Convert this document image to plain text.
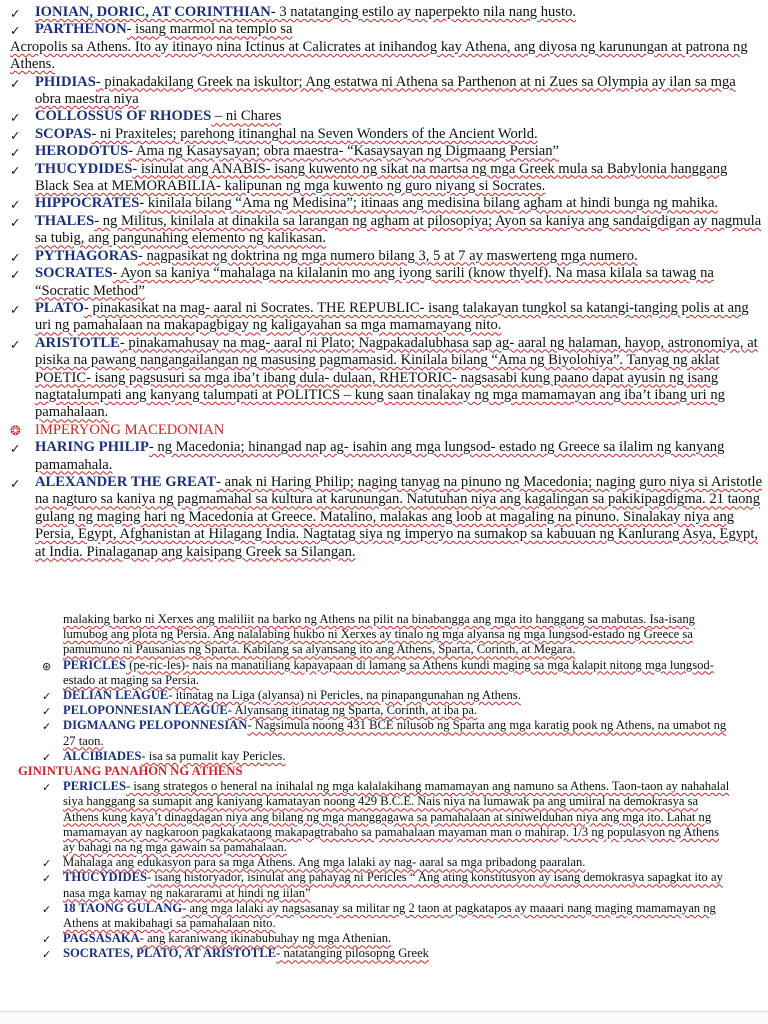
✓ IONIAN, DORIC, AT CORINTHIAN- 3 natatanging estilo ay naperpekto nila nang husto.
✓ PARTHENON- isang marmol na templo sa
Acropolis sa Athens. Ito ay itinayo nina Ictinus at Calicrates at inihandog kay Athena, ang diyosa ng karunungan at patrona ng Athens.
✓ PHIDIAS- pinakadakilang Greek na iskultor; Ang estatwa ni Athena sa Parthenon at ni Zues sa Olympia ay ilan sa mga obra maestra niya
✓ COLLOSSUS OF RHODES – ni Chares
✓ SCOPAS- ni Praxiteles; parehong itinanghal na Seven Wonders of the Ancient World.
✓ HERODOTUS- Ama ng Kasaysayan; obra maestra- “Kasaysayan ng Digmaang Persian”
✓ THUCYDIDES- isinulat ang ANABIS- isang kuwento ng sikat na martsa ng mga Greek mula sa Babylonia hanggang Black Sea at MEMORABILIA- kalipunan ng mga kuwento ng guro niyang si Socrates.
✓ HIPPOCRATES- kinilala bilang “Ama ng Medisina”; itinaas ang medisina bilang agham at hindi bunga ng mahika.
✓ THALES- ng Militus, kinilala at dinakila sa larangan ng agham at pilosopiya; Ayon sa kaniya ang sandaigdigan ay nagmula sa tubig, ang pangunahing elemento ng kalikasan.
✓ PYTHAGORAS- nagpasikat ng doktrina ng mga numero bilang 3, 5 at 7 ay maswerteng mga numero.
✓ SOCRATES- Ayon sa kaniya “mahalaga na kilalanin mo ang iyong sarili (know thyelf). Na masa kilala sa tawag na “Socratic Method”
✓ PLATO- pinakasikat na mag- aaral ni Socrates. THE REPUBLIC- isang talakayan tungkol sa katangi-tanging polis at ang uri ng pamahalaan na makapagbigay ng kaligayahan sa mga mamamayang nito.
✓ ARISTOTLE- pinakamahusay na mag- aaral ni Plato; Nagpakadalubhasa sap ag- aaral ng halaman, hayop, astronomiya, at pisika na pawang nangangailangan ng masusing pagmamasid. Kinilala bilang “Ama ng Biyolohiya”. Tanyag ng aklat POETIC- isang pagsusuri sa mga iba’t ibang dula- dulaan, RHETORIC- nagsasabi kung paano dapat ayusin ng isang nagtatalumpati ang kanyang talumpati at POLITICS – kung saan tinalakay ng mga mamamayan ang iba’t ibang uri ng pamahalaan.
❂ IMPERYONG MACEDONIAN
✓ HARING PHILIP- ng Macedonia; hinangad nap ag- isahin ang mga lungsod- estado ng Greece sa ilalim ng kanyang pamamahala.
✓ ALEXANDER THE GREAT- anak ni Haring Philip; naging tanyag na pinuno ng Macedonia; naging guro niya si Aristotle na nagturo sa kaniya ng pagmamahal sa kultura at karunungan. Natutuhan niya ang kagalingan sa pakikipagdigma. 21 taong gulang ng maging hari ng Macedonia at Greece. Matalino, malakas ang loob at magaling na pinuno. Sinalakay niya ang Persia, Egypt, Afghanistan at Hilagang India. Nagtatag siya ng imperyo na sumakop sa kabuuan ng Kanlurang Asya, Egypt, at India. Pinalaganap ang kaisipang Greek sa Silangan.
malaking barko ni Xerxes ang maliliit na barko ng Athens na pilit na binabangga ang mga ito hanggang sa mabutas. Isa-isang lumubog ang plota ng Persia. Ang nalalabing hukbo ni Xerxes ay tinalo ng mga alyansa ng mga lungsod-estado ng Greece sa pamumuno ni Pausanias ng Sparta. Kabilang sa alyansang ito ang Athens, Sparta, Corinth, at Megara.
⊛ PERICLES (pe-ric-les)- nais na manatiliang kapayapaan di lamang sa Athens kundi maging sa mga kalapit nitong mga lungsod- estado at maging sa Persia.
✓ DELIAN LEAGUE- itinatag na Liga (alyansa) ni Pericles, na pinapangunahan ng Athens.
✓ PELOPONNESIAN LEAGUE- Alyansang itinatag ng Sparta, Corinth, at iba pa.
✓ DIGMAANG PELOPONNESIAN- Nagsimula noong 431 BCE nilusob ng Sparta ang mga karatig pook ng Athens, na umabot ng 27 taon.
✓ ALCIBIADES- isa sa pumalit kay Pericles.
GININTUANG PANAHON NG ATHENS
✓ PERICLES- isang strategos o heneral na inihalal ng mga kalalakihang mamamayan ang namuno sa Athens. Taon-taon ay nahahalal siya hanggang sa sumapit ang kaniyang kamatayan noong 429 B.C.E. Nais niya na lumawak pa ang umiiral na demokrasya sa Athens kung kaya’t dinagdagan niya ang bilang ng mga manggagawa sa pamahalaan at siniwelduhan niya ang mga ito. Lahat ng mamamayan ay nagkaroon pagkakataong makapagtrabaho sa pamahalaan mayaman man o mahirap. 1/3 ng populasyon ng Athens ay bahagi na ng mga gawain sa pamahalaan.
✓ Mahalaga ang edukasyon para sa mga Athens. Ang mga lalaki ay nag- aaral sa mga pribadong paaralan.
✓ THUCYDIDES- isang historyador, isinulat ang pahayag ni Pericles “ Ang ating konstitusyon ay isang demokrasya sapagkat ito ay nasa mga kamay ng nakararami at hindi ng iilan”
✓ 18 TAONG GULANG- ang mga lalaki ay nagsasanay sa militar ng 2 taon at pagkatapos ay maaari nang maging mamamayan ng Athens at makibahagi sa pamahalaan nito.
✓ PAGSASAKA- ang karaniwang ikinabubuhay ng mga Athenian.
✓ SOCRATES, PLATO, AT ARISTOTLE- natatanging pilosopng Greek
